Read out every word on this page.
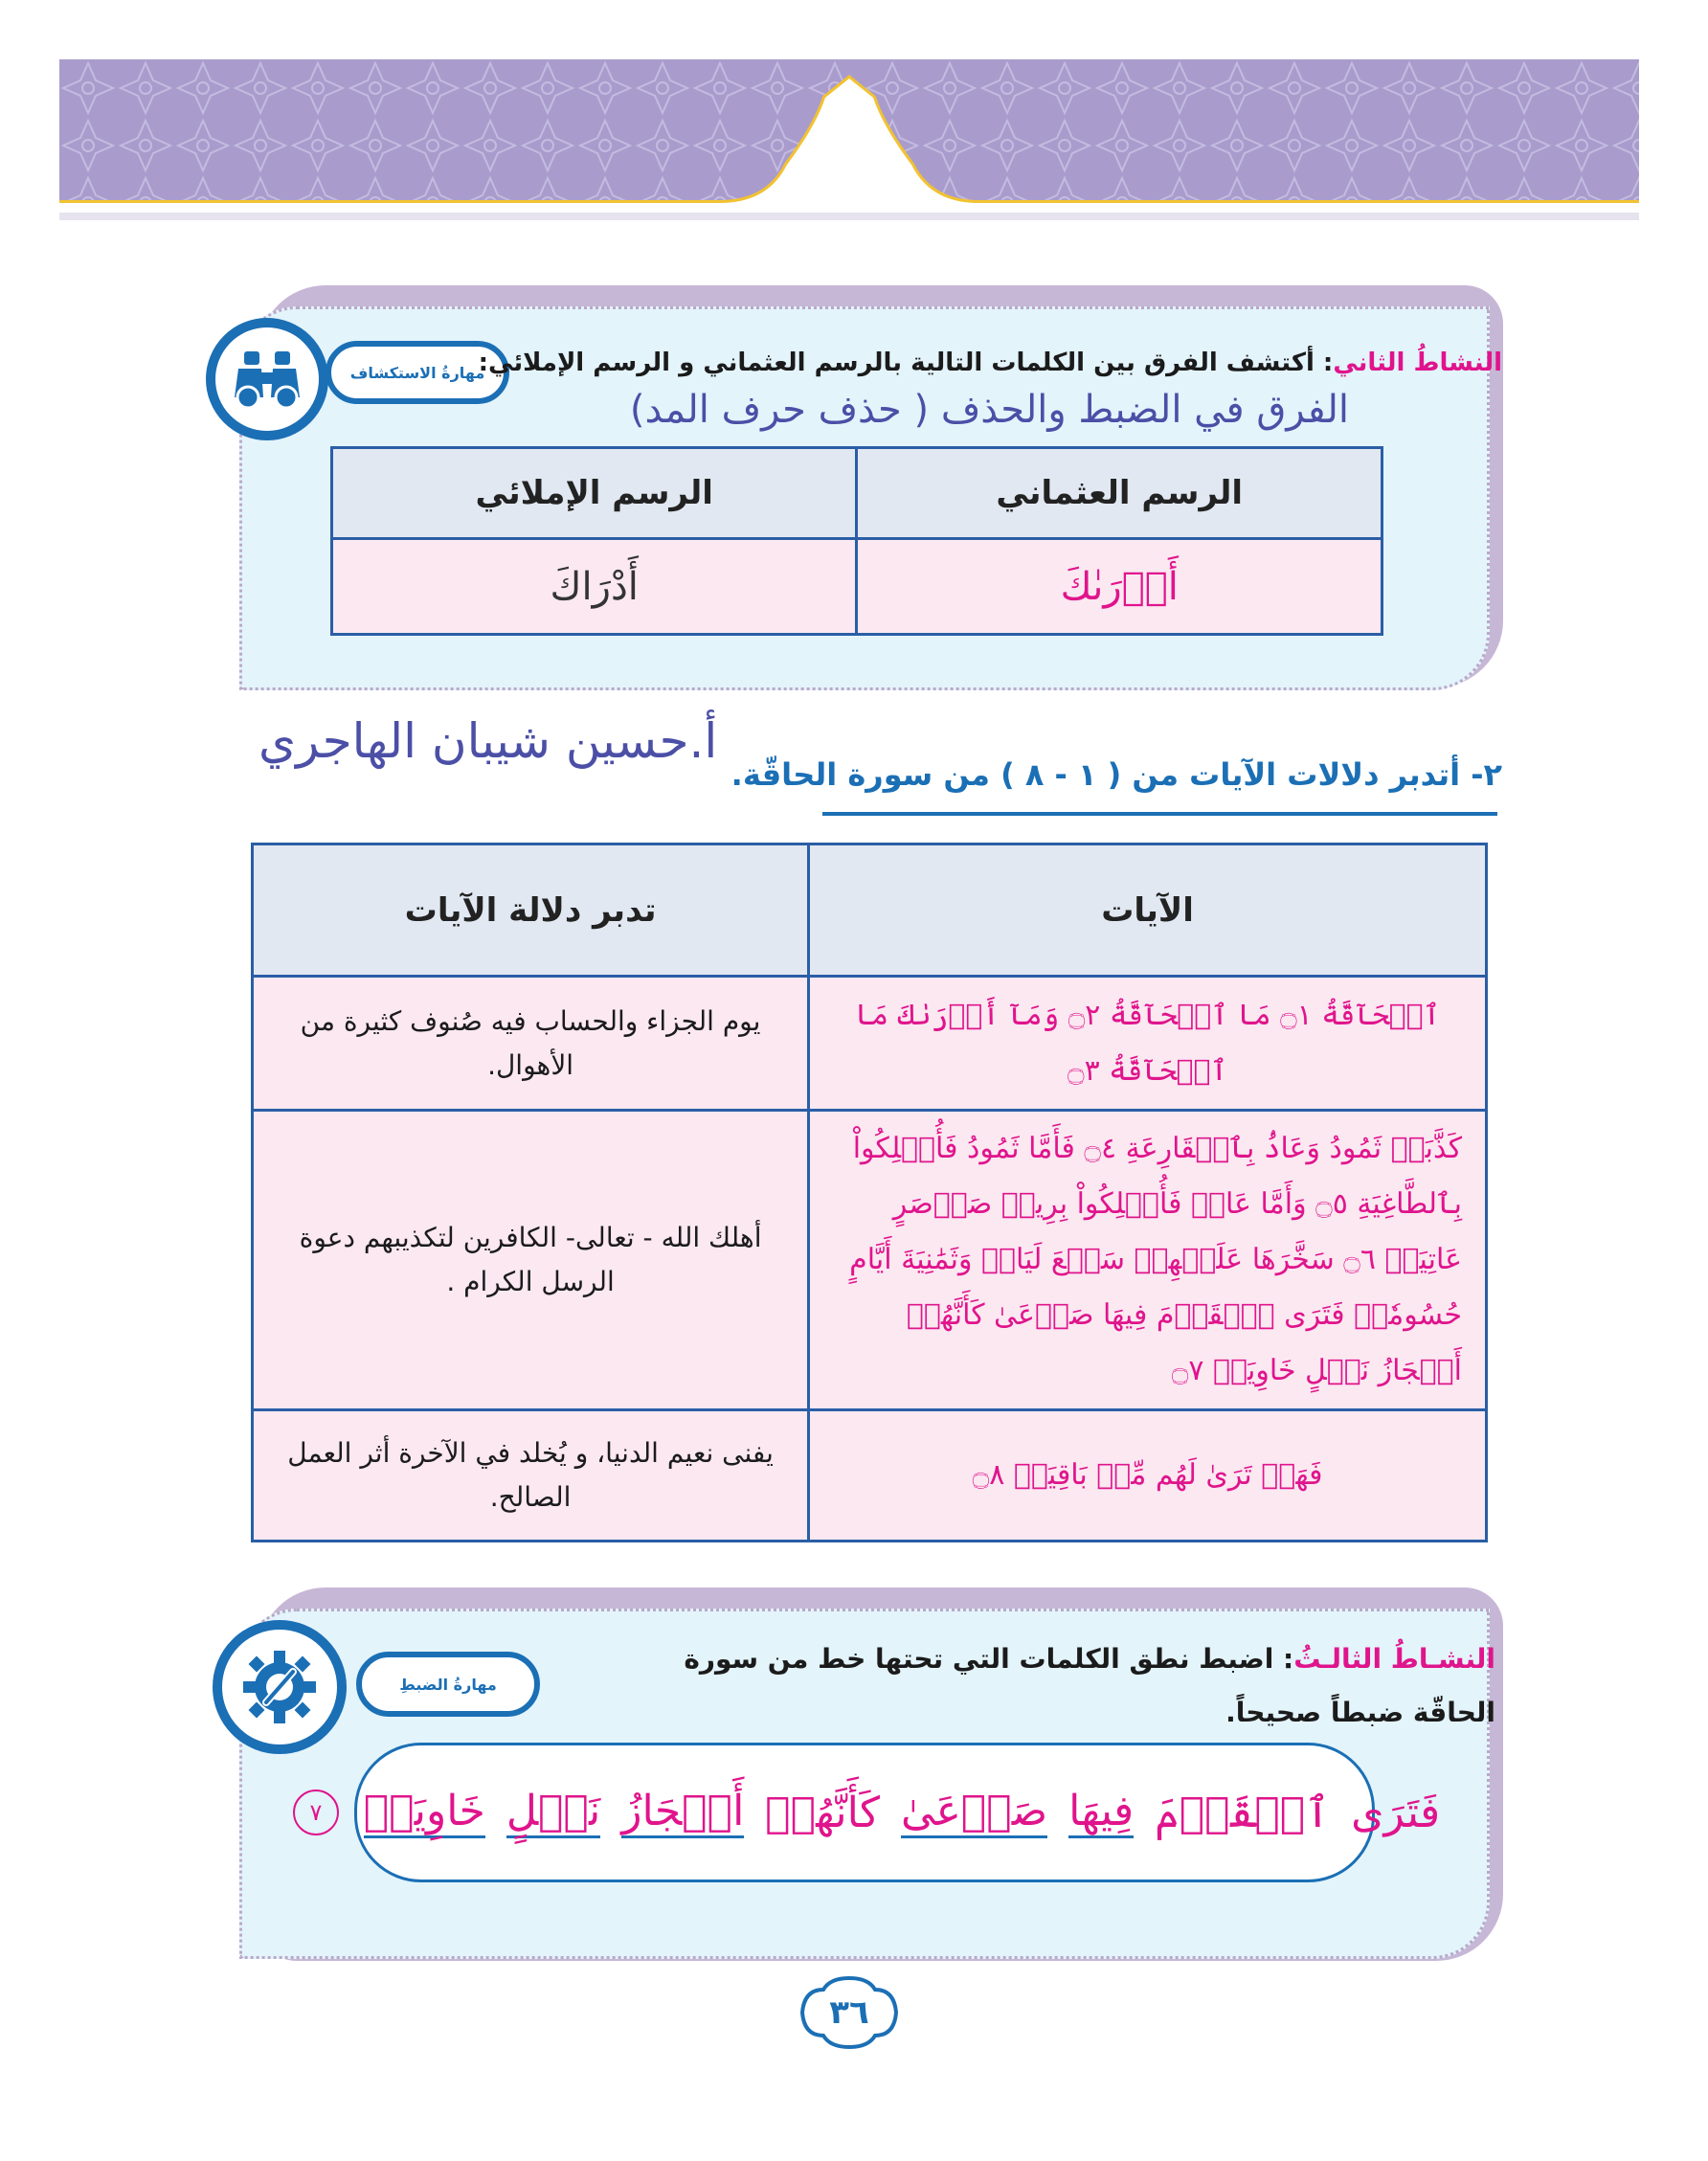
مهارةُ الاستكشاف	النشاطُ الثاني: أكتشف الفرق بين الكلمات التالية بالرسم العثماني و الرسم الإملائي:
الفرق في الضبط والحذف ( حذف حرف المد)
الرسم العثماني	الرسم الإملائي
أَدۡرَىٰكَ	أَدْرَاكَ
أ.حسين شيبان الهاجري
٢- أتدبر دلالات الآيات من ( ١ - ٨ ) من سورة الحاقّة.
الآيات	تدبر دلالة الآيات
ٱلۡحَآقَّةُ ۝١ مَا ٱلۡحَآقَّةُ ۝٢ وَمَآ أَدۡرَىٰكَ مَا ٱلۡحَآقَّةُ ۝٣	يوم الجزاء والحساب فيه صُنوف كثيرة من الأهوال.
كَذَّبَتۡ ثَمُودُ وَعَادُۢ بِٱلۡقَارِعَةِ ۝٤ فَأَمَّا ثَمُودُ فَأُهۡلِكُواْ بِٱلطَّاغِيَةِ ۝٥ وَأَمَّا عَادٞ فَأُهۡلِكُواْ بِرِيحٖ صَرۡصَرٍ عَاتِيَةٖ ۝٦ سَخَّرَهَا عَلَيۡهِمۡ سَبۡعَ لَيَالٖ وَثَمَٰنِيَةَ أَيَّامٍ حُسُومٗاۖ فَتَرَى ٱلۡقَوۡمَ فِيهَا صَرۡعَىٰ كَأَنَّهُمۡ أَعۡجَازُ نَخۡلٍ خَاوِيَةٖ ۝٧	أهلك الله - تعالى- الكافرين لتكذيبهم دعوة الرسل الكرام .
فَهَلۡ تَرَىٰ لَهُم مِّنۢ بَاقِيَةٖ ۝٨	يفنى نعيم الدنيا، و يُخلد في الآخرة أثر العمل الصالح.
مهارةُ الضبطِ
النشـاطُ الثالـثُ: اضبط نطق الكلمات التي تحتها خط من سورة الحاقّة ضبطاً صحيحاً.
فَتَرَى
ٱلۡقَوۡمَ
فِيهَا
صَرۡعَىٰ
كَأَنَّهُمۡ
أَعۡجَازُ
نَخۡلٍ
خَاوِيَةٖ
٧
٣٦
